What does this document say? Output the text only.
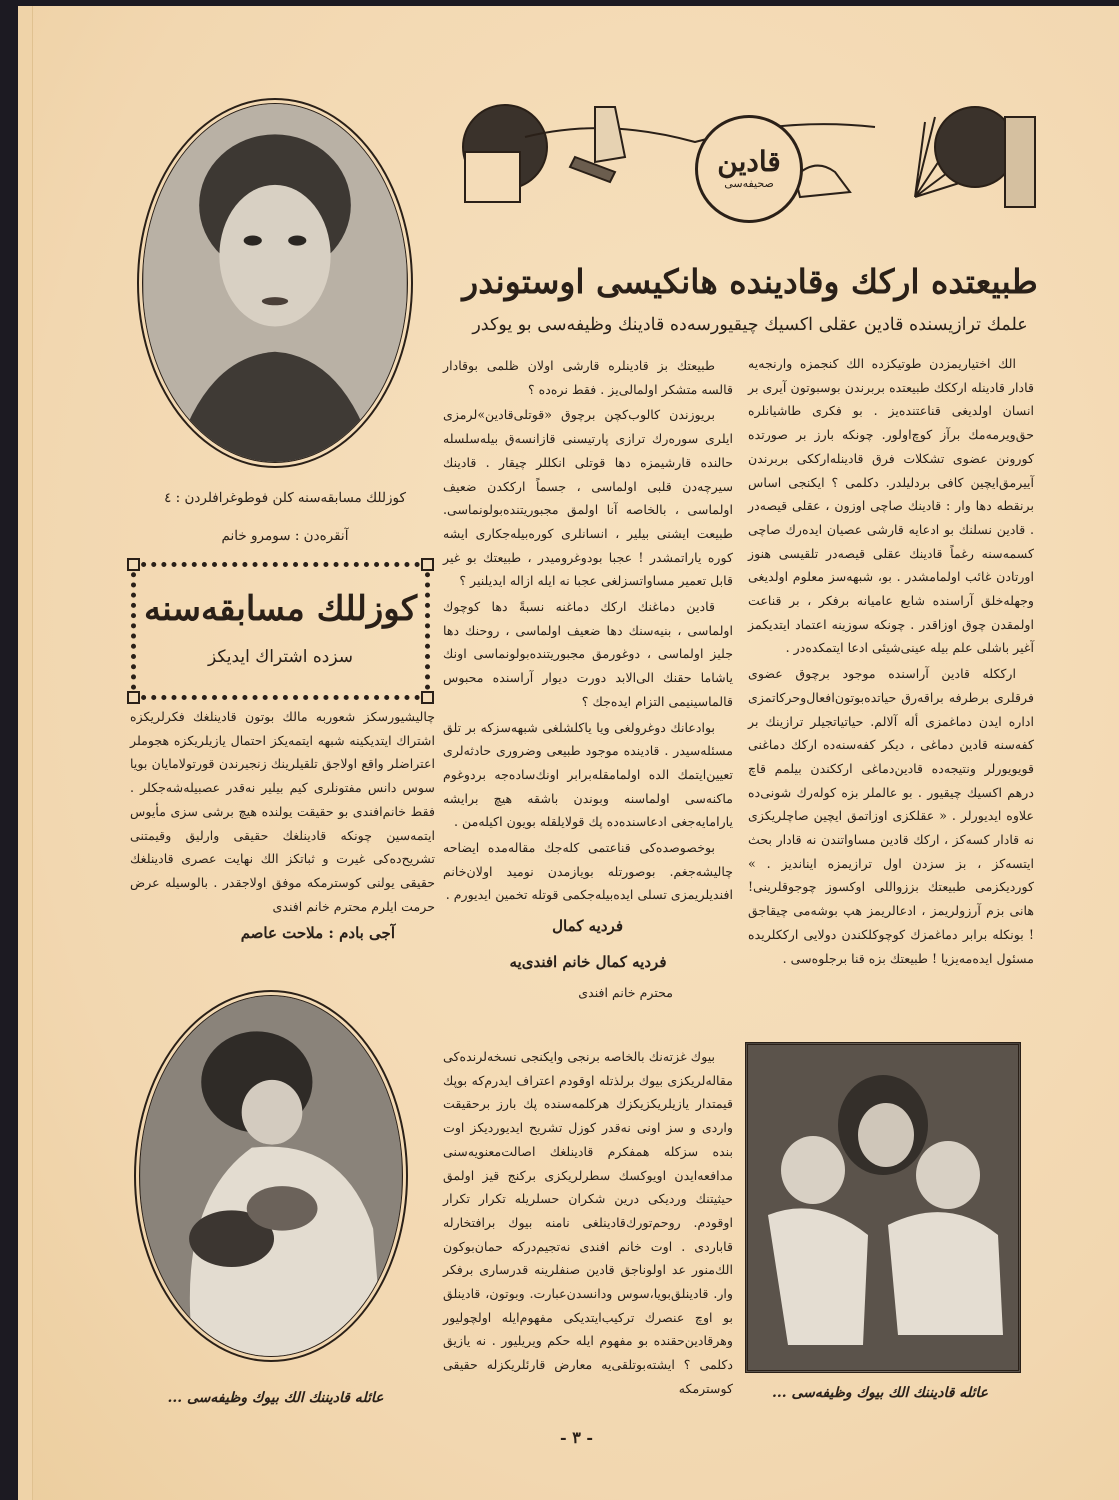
قادین
صحیفه‌سی
طبیعتده ارکك وقادینده هانکیسی اوستوندر
علمك ترازیسنده قادین عقلی اکسیك چیقیورسه‌ده قادینك وظیفه‌سی بو یوکدر

الك اختیاریمزدن طوتیکزده الك کنجمزه وارنجه‌یه قادار قادینله ارککك طبیعتده بربرندن بوسبوتون آیری بر انسان اولدیغی قناعتنده‌یز . بو فکری طاشیانلره حق‌ویرمه‌مك برآز کوچ‌اولور. چونکه بارز بر صورتده کورونن عضوی تشکلات فرق قادینله‌ارککی بربرندن آییرمق‌ایچین کافی بردلیلدر. دکلمی ؟ ایکنجی اساس برنقطه دها وار : قادینك صاچی اوزون ، عقلی قیصه‌در . قادین نسلنك بو ادعایه قارشی عصیان ایده‌رك صاچی کسمه‌سنه رغماً قادینك عقلی قیصه‌در تلقیسی هنوز اورتادن غائب اولمامشدر . بو، شبهه‌سز معلوم اولدیغی وجهله‌خلق آراسنده شایع عامیانه برفکر ، بر قناعت اولمقدن چوق اوزاقدر . چونکه سوزینه اعتماد ایتدیکمز آغیر باشلی علم بیله عینی‌شیئی ادعا ایتمکده‌در .

ارککله قادین آراسنده موجود برچوق عضوی فرقلری برطرفه براقه‌رق حیاتده‌بوتون‌افعال‌وحرکاتمزی اداره ایدن دماغمزی أله آلالم. حیاتیاتجیلر ترازینك بر کفه‌سنه قادین دماغی ، دیکر کفه‌سنه‌ده ارکك دماغنی قویویورلر ونتیجه‌ده قادین‌دماغی ارککندن بیلمم قاچ درهم اکسیك چیقیور . بو عالملر بزه کوله‌رك شونی‌ده علاوه ایدیورلر . « عقلکزی اوزاتمق ایچین صاچلریکزی نه قادار کسه‌کز ، ارکك قادین مساواتندن نه قادار بحث ایتسه‌کز ، بز سزدن اول ترازیمزه ایناندیز . » کوردیکزمی طبیعتك بززواللی اوکسوز چوجوقلرینی! هانی بزم آرزولریمز ، ادعالریمز هپ بوشه‌می چیقاجق ! بونکله برابر دماغمزك کوچوکلکندن دولایی ارککلریده مسئول ایده‌مه‌یزیا ! طبیعتك بزه قنا برجلوه‌سی .

طبیعتك بز قادینلره قارشی اولان ظلمی بوقادار قالسه متشکر اولمالی‌یز . فقط نره‌ده ؟

بریوزندن کالوب‌کچن برچوق «قوتلی‌قادین»لرمزی ایلری سوره‌رك ترازی پارتیسنی قازانسه‌ق بیله‌سلسله حالنده قارشیمزه دها قوتلی انکللر چیقار . قادینك سیرچه‌دن قلبی اولماسی ، جسماً ارککدن ضعیف اولماسی ، بالخاصه آنا اولمق مجبوریتنده‌بولونماسی. طبیعت ایشنی بیلیر ، انسانلری کوره‌بیله‌جکاری ایشه کوره یاراتمشدر ! عجبا بودوغرومیدر ، طبیعتك بو غیر قابل تعمیر مساواتسزلغی عجبا نه ایله ازاله ایدیلنیر ؟

قادین دماغنك ارکك دماغنه نسبةً دها کوچوك اولماسی ، بنیه‌سنك دها ضعیف اولماسی ، روحنك دها جلیز اولماسی ، دوغورمق مجبوریتنده‌بولونماسی اونك یاشاما حقنك الی‌الابد دورت دیوار آراسنده محبوس قالماسینیمی التزام ایده‌جك ؟

بوادعانك دوغرولغی ویا یاکلشلغی شبهه‌سزکه بر تلق مسئله‌سیدر . قادینده موجود طبیعی وضروری حادثه‌لری تعیین‌ایتمك الده اولمامقله‌برابر اونك‌ساده‌جه بردوغوم ماکنه‌سی اولماسنه وبوندن باشقه هیچ برایشه یارامایه‌جغی ادعاسنده‌ده پك قولایلقله بویون اکیله‌من .

بوخصوصده‌کی قناعتمی کله‌جك مقاله‌مده ایضاحه چالیشه‌جغم. بوصورتله بویازمدن نومید اولان‌خانم افندیلریمزی تسلی ایده‌بیله‌جکمی قوتله تخمین ایدیورم .

فردیه کمال

فردیه کمال خانم افندی‌یه

محترم خانم افندی

بیوك غزته‌نك بالخاصه برنجی وایکنجی نسخه‌لرنده‌کی مقاله‌لریکزی بیوك برلذتله اوقودم اعتراف ایدرم‌که بوپك قیمتدار یازیلریکزیکزك هرکلمه‌سنده پك بارز برحقیقت واردی و سز اونی نه‌قدر کوزل تشریح ایدیوردیکز اوت بنده سزکله همفکرم قادینلغك اصالت‌معنویه‌سنی مدافعه‌ایدن اویوکسك سطرلریکزی برکنج قیز اولمق حیثیتنك وردیکی درین شکران حسلریله تکرار تکرار اوقودم. روحم‌تورك‌قادینلغی نامنه بیوك برافتخارله قاباردی . اوت خانم افندی نه‌تجیم‌درکه حمان‌بوکون الك‌منور عد اولوناجق قادین صنفلرینه قدرساری برفکر وار. قادینلق‌بویا،سوس ودانسدن‌عبارت. وبوتون، قادینلق بو اوچ عنصرك ترکیب‌ایتدیکی مفهوم‌ایله اولچولیور وهرقادین‌حقنده بو مفهوم ایله حکم ویریلیور . نه یازیق دکلمی ؟ ایشته‌بوتلقی‌یه معارض قارئلریکزله حقیقی کوسترمکه

کوزللك مسابقه‌سنه کلن فوطوغرافلردن : ٤
آنقره‌دن : سومرو خانم
کوزللك مسابقه‌سنه
سزده اشتراك ایدیکز

چالیشیورسکز شعوربه مالك بوتون قادینلغك فکرلریکزه اشتراك ایتدیکینه شبهه ایتمه‌یکز احتمال یازیلریکزه هجوملر اعتراضلر واقع اولاجق تلقیلرینك زنجیرندن قورتولامایان بویا سوس دانس مفتونلری کیم بیلیر نه‌قدر عصبیله‌شه‌جکلر . فقط خانم‌افندی بو حقیقت یولنده هیچ برشی سزی مأیوس ایتمه‌سین چونکه قادینلغك حقیقی وارلیق وقیمتنی تشریح‌ده‌کی غیرت و ثباتکز الك نهایت عصری قادینلغك حقیقی یولنی کوسترمکه موفق اولاجقدر . بالوسیله عرض حرمت ایلرم محترم خانم افندی

آجی بادم : ملاحت عاصم

عائله قادیننك الك بیوك وظیفه‌سی ...	عائله قادیننك الك بیوك وظیفه‌سی ...
- ٣ -
